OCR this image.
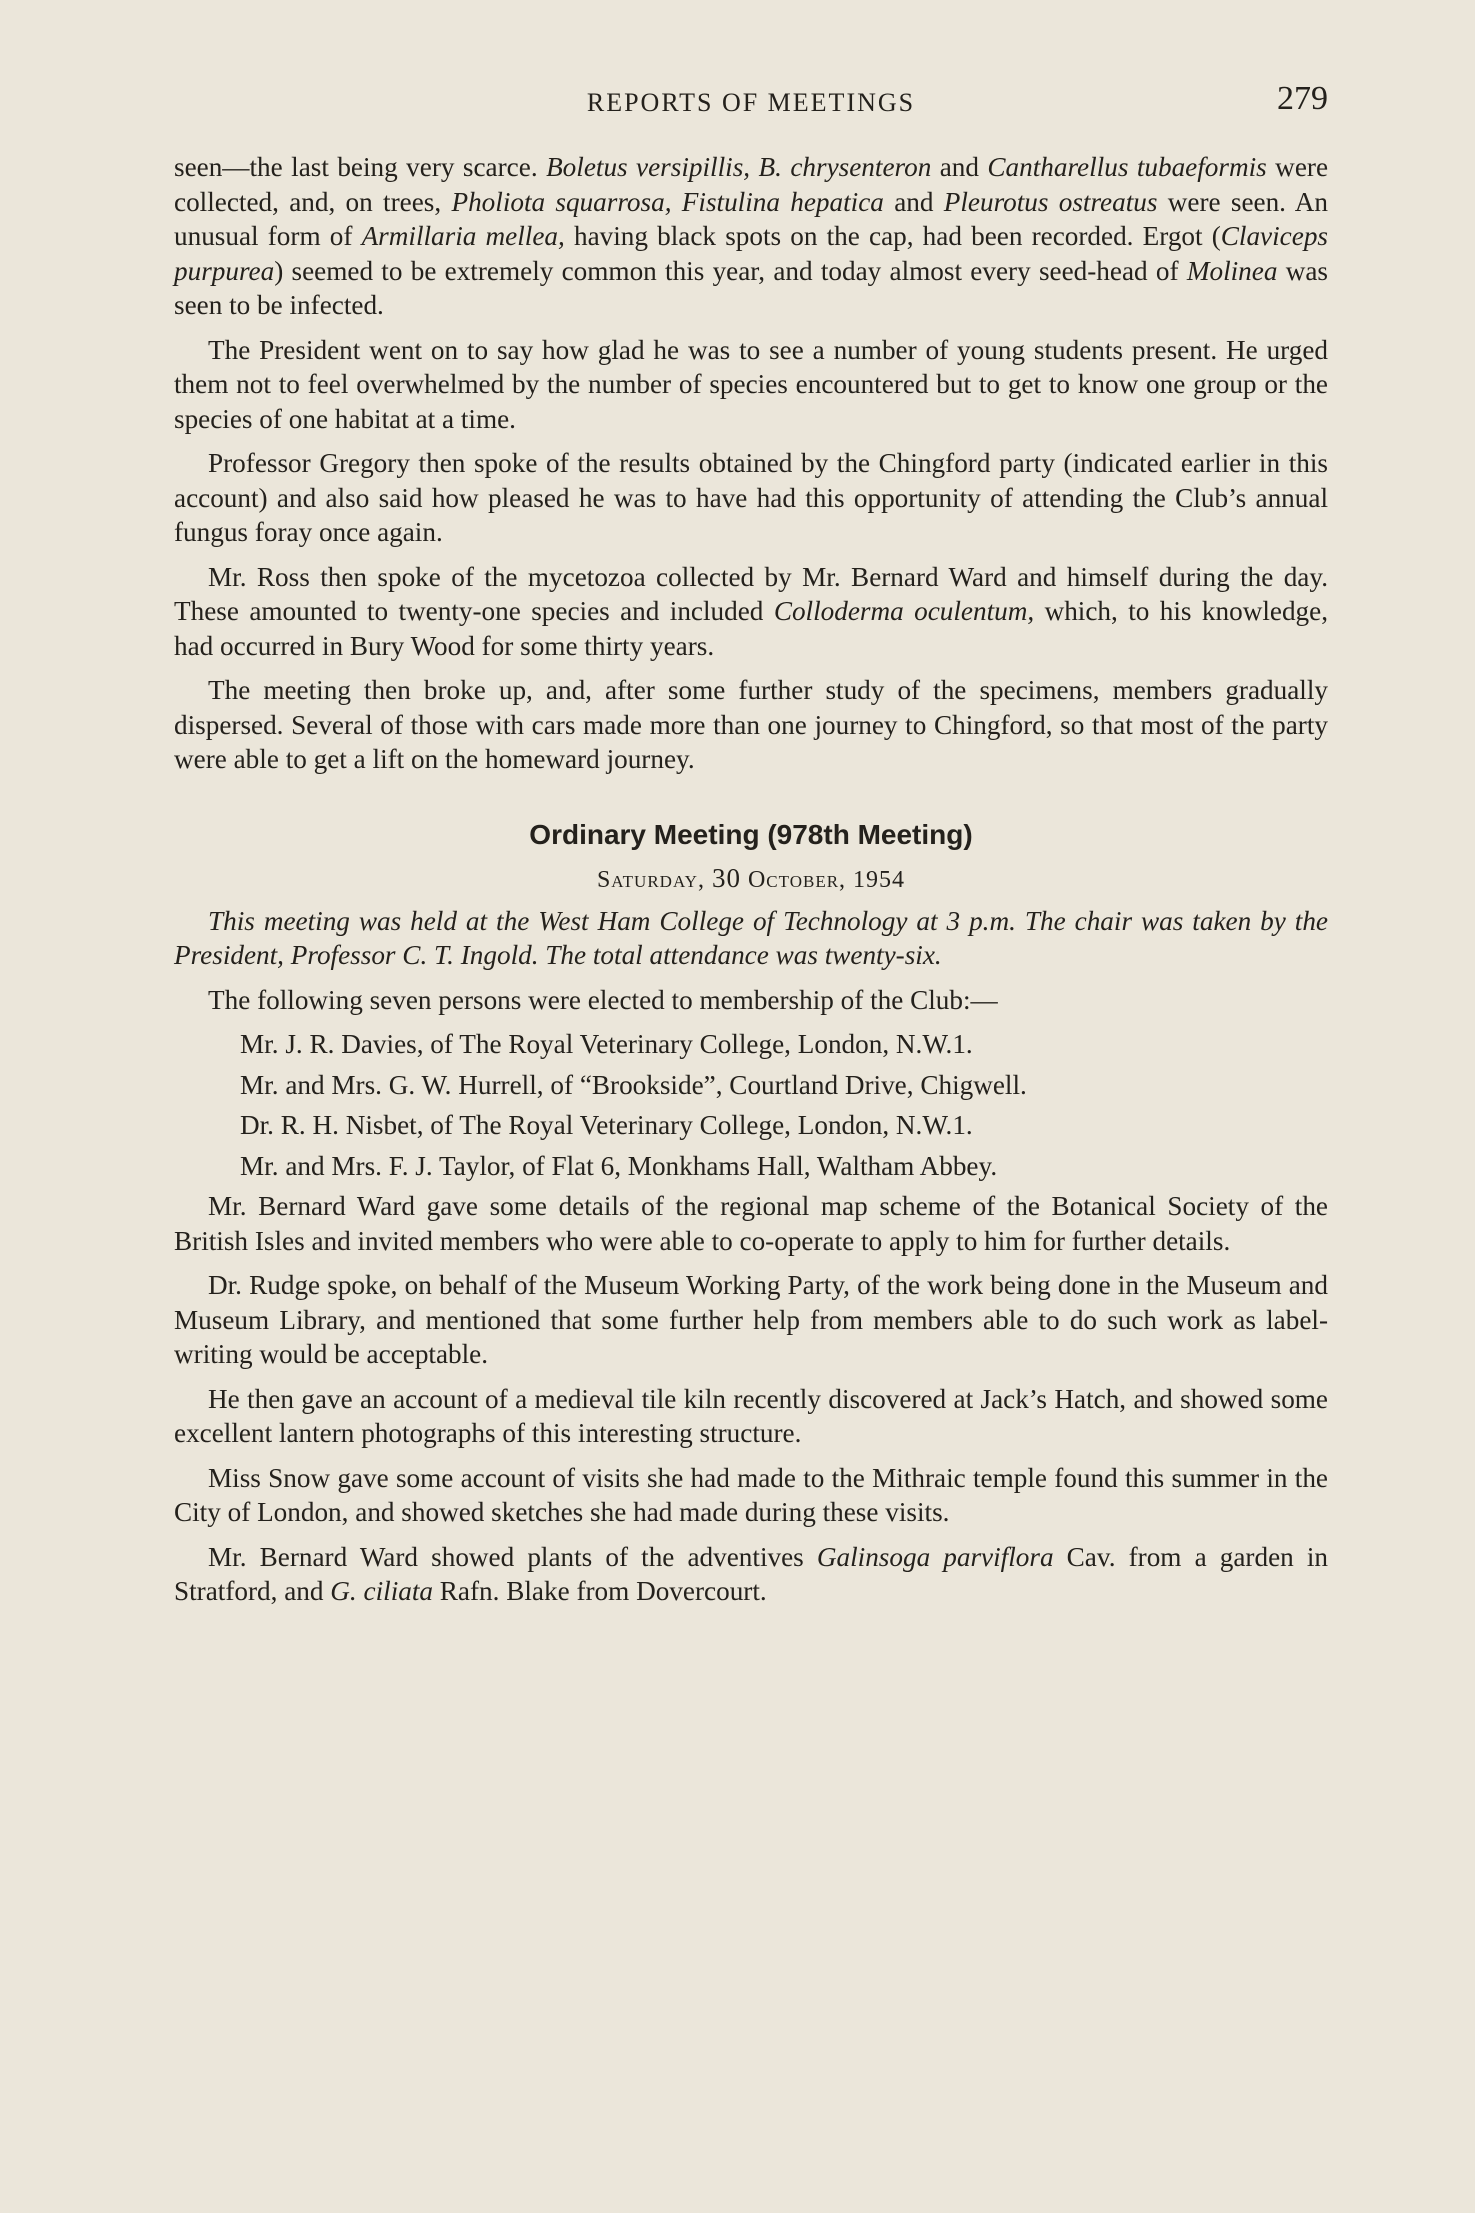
REPORTS OF MEETINGS	279

seen—the last being very scarce. Boletus versipillis, B. chrysenteron and Cantharellus tubaeformis were collected, and, on trees, Pholiota squarrosa, Fistulina hepatica and Pleurotus ostreatus were seen. An unusual form of Armillaria mellea, having black spots on the cap, had been recorded. Ergot (Claviceps purpurea) seemed to be extremely common this year, and today almost every seed-head of Molinea was seen to be infected.

The President went on to say how glad he was to see a number of young students present. He urged them not to feel overwhelmed by the number of species encountered but to get to know one group or the species of one habitat at a time.

Professor Gregory then spoke of the results obtained by the Chingford party (indicated earlier in this account) and also said how pleased he was to have had this opportunity of attending the Club’s annual fungus foray once again.

Mr. Ross then spoke of the mycetozoa collected by Mr. Bernard Ward and himself during the day. These amounted to twenty-one species and included Colloderma oculentum, which, to his knowledge, had occurred in Bury Wood for some thirty years.

The meeting then broke up, and, after some further study of the specimens, members gradually dispersed. Several of those with cars made more than one journey to Chingford, so that most of the party were able to get a lift on the homeward journey.

Ordinary Meeting (978th Meeting)
Saturday, 30 October, 1954

This meeting was held at the West Ham College of Technology at 3 p.m. The chair was taken by the President, Professor C. T. Ingold. The total attendance was twenty-six.

The following seven persons were elected to membership of the Club:—

Mr. J. R. Davies, of The Royal Veterinary College, London, N.W.1.

Mr. and Mrs. G. W. Hurrell, of “Brookside”, Courtland Drive, Chigwell.

Dr. R. H. Nisbet, of The Royal Veterinary College, London, N.W.1.

Mr. and Mrs. F. J. Taylor, of Flat 6, Monkhams Hall, Waltham Abbey.

Mr. Bernard Ward gave some details of the regional map scheme of the Botanical Society of the British Isles and invited members who were able to co-operate to apply to him for further details.

Dr. Rudge spoke, on behalf of the Museum Working Party, of the work being done in the Museum and Museum Library, and mentioned that some further help from members able to do such work as label-writing would be acceptable.

He then gave an account of a medieval tile kiln recently discovered at Jack’s Hatch, and showed some excellent lantern photographs of this interesting structure.

Miss Snow gave some account of visits she had made to the Mithraic temple found this summer in the City of London, and showed sketches she had made during these visits.

Mr. Bernard Ward showed plants of the adventives Galinsoga parviflora Cav. from a garden in Stratford, and G. ciliata Rafn. Blake from Dovercourt.
